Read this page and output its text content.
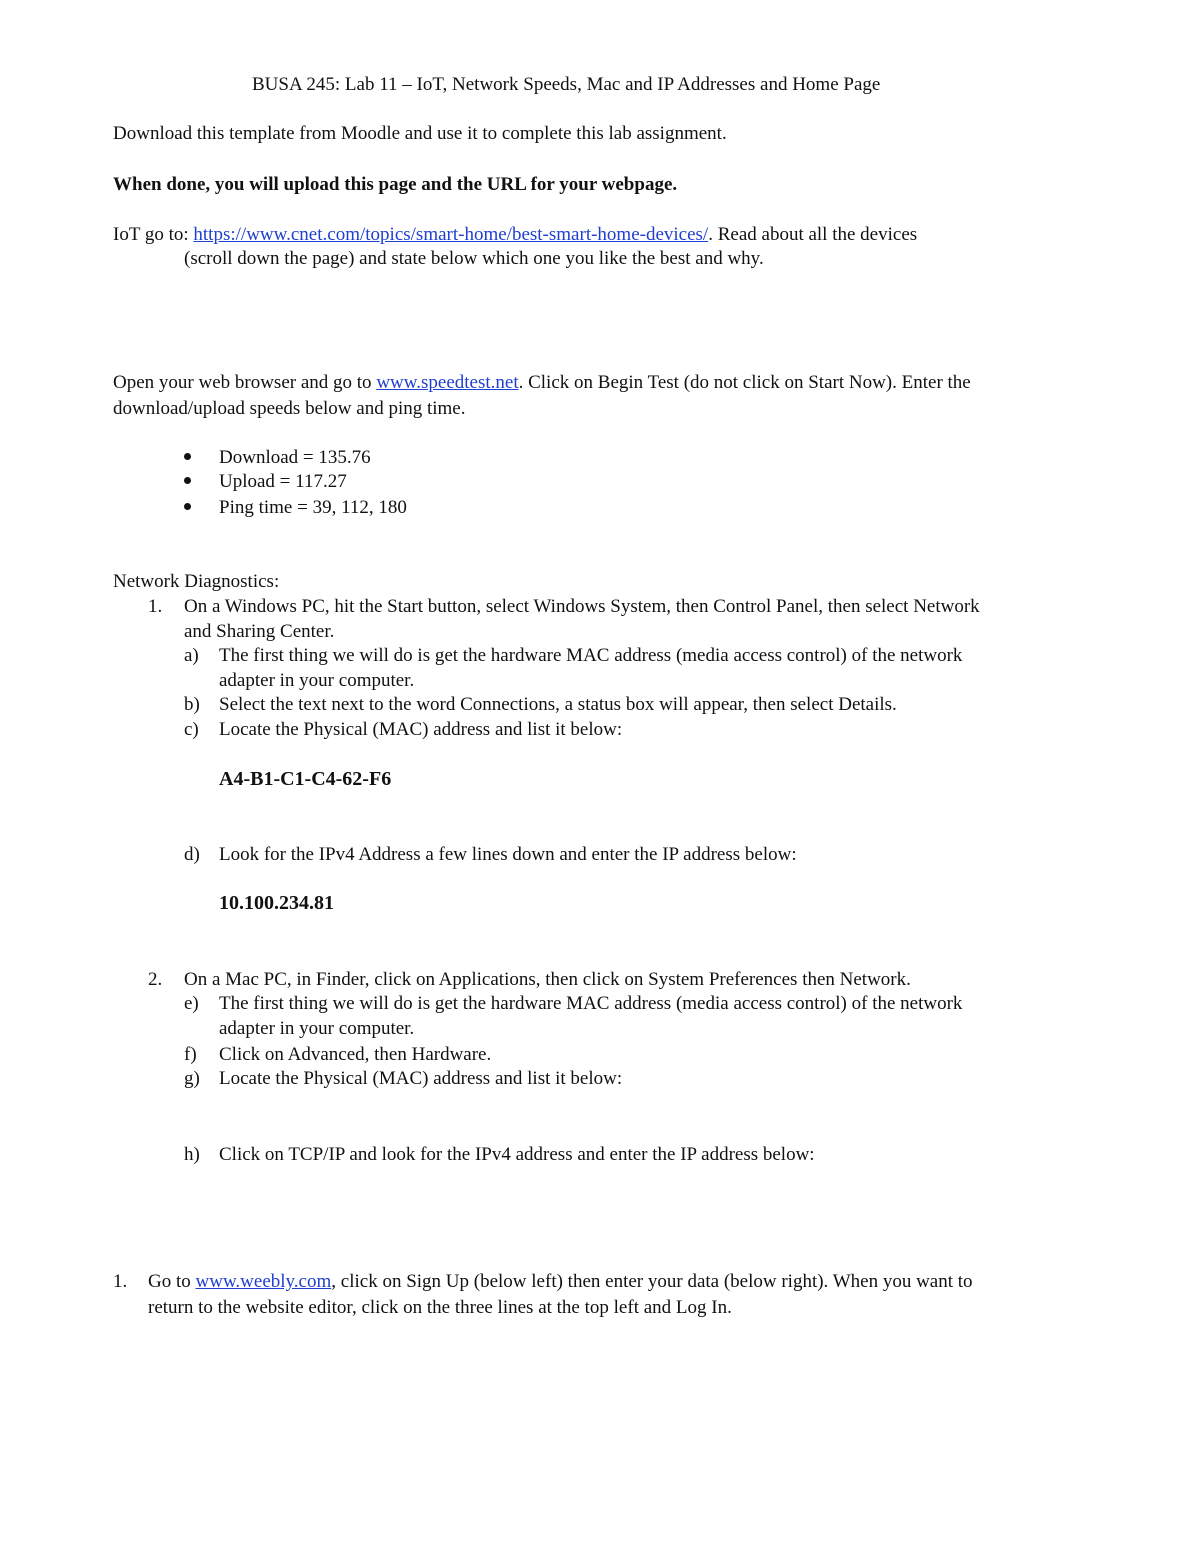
BUSA 245: Lab 11 – IoT, Network Speeds, Mac and IP Addresses and Home Page
Download this template from Moodle and use it to complete this lab assignment.
When done, you will upload this page and the URL for your webpage.
IoT go to: https://www.cnet.com/topics/smart-home/best-smart-home-devices/. Read about all the devices
(scroll down the page) and state below which one you like the best and why.
Open your web browser and go to www.speedtest.net. Click on Begin Test (do not click on Start Now). Enter the
download/upload speeds below and ping time.
Download = 135.76
Upload = 117.27
Ping time = 39, 112, 180
Network Diagnostics:
1. On a Windows PC, hit the Start button, select Windows System, then Control Panel, then select Network
and Sharing Center.
a) The first thing we will do is get the hardware MAC address (media access control) of the network
adapter in your computer.
b) Select the text next to the word Connections, a status box will appear, then select Details.
c) Locate the Physical (MAC) address and list it below:
A4-B1-C1-C4-62-F6
d) Look for the IPv4 Address a few lines down and enter the IP address below:
10.100.234.81
2. On a Mac PC, in Finder, click on Applications, then click on System Preferences then Network.
e) The first thing we will do is get the hardware MAC address (media access control) of the network
adapter in your computer.
f) Click on Advanced, then Hardware.
g) Locate the Physical (MAC) address and list it below:
h) Click on TCP/IP and look for the IPv4 address and enter the IP address below:
1. Go to www.weebly.com, click on Sign Up (below left) then enter your data (below right). When you want to
return to the website editor, click on the three lines at the top left and Log In.
